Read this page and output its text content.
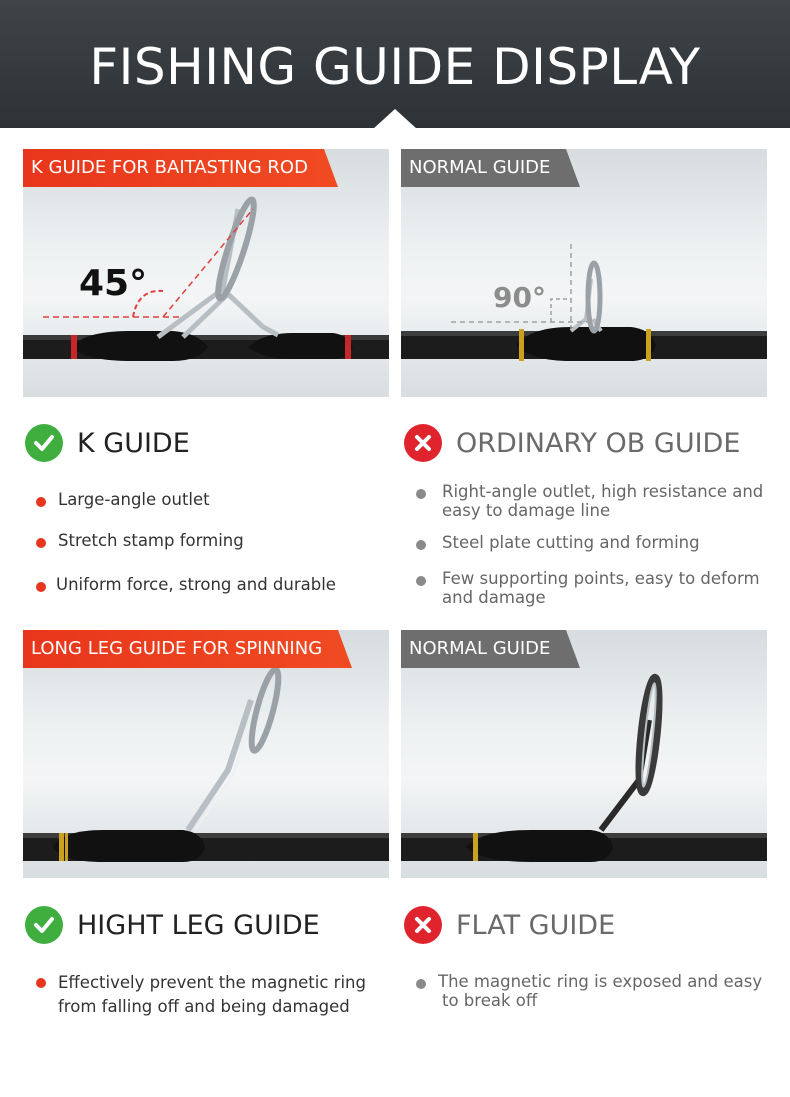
FISHING GUIDE DISPLAY
K GUIDE FOR BAITASTING ROD
45°
NORMAL GUIDE
90°
K GUIDE
Large-angle outlet
Stretch stamp forming
Uniform force, strong and durable
ORDINARY OB GUIDE
Right-angle outlet, high resistance and
easy to damage line
Steel plate cutting and forming
Few supporting points, easy to deform
and damage
LONG LEG GUIDE FOR SPINNING	NORMAL GUIDE
HIGHT LEG GUIDE
Effectively prevent the magnetic ring
from falling off and being damaged
FLAT GUIDE
The magnetic ring is exposed and easy
to break off
